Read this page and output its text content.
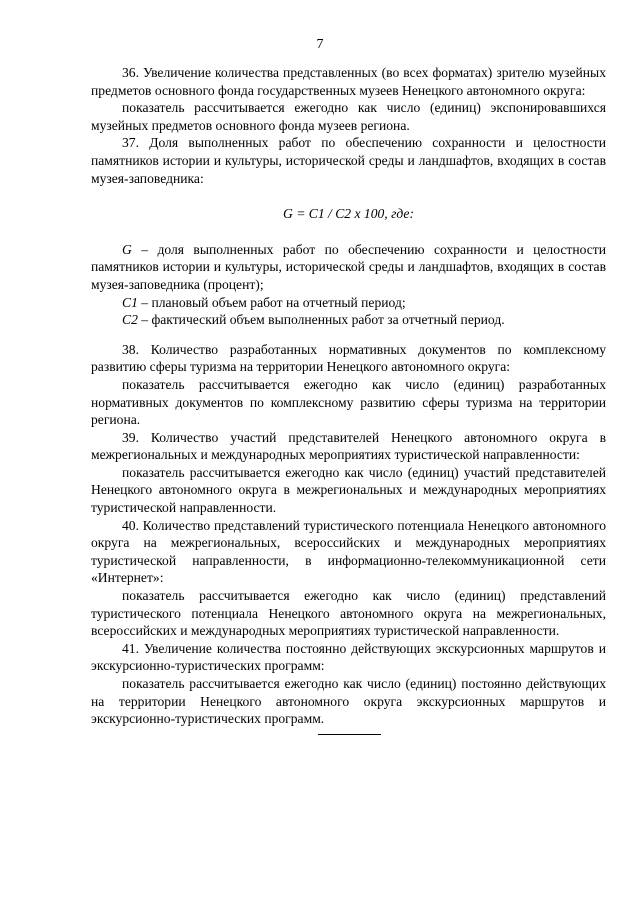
7

36. Увеличение количества представленных (во всех форматах) зрителю музейных предметов основного фонда государственных музеев Ненецкого автономного округа:

показатель рассчитывается ежегодно как число (единиц) экспонировавшихся музейных предметов основного фонда музеев региона.

37. Доля выполненных работ по обеспечению сохранности и целостности памятников истории и культуры, исторической среды и ландшафтов, входящих в состав музея-заповедника:

G = C1 / C2 x 100, где:

G – доля выполненных работ по обеспечению сохранности и целостности памятников истории и культуры, исторической среды и ландшафтов, входящих в состав музея-заповедника (процент);

C1 – плановый объем работ на отчетный период;

C2 – фактический объем выполненных работ за отчетный период.

38. Количество разработанных нормативных документов по комплексному развитию сферы туризма на территории Ненецкого автономного округа:

показатель рассчитывается ежегодно как число (единиц) разработанных нормативных документов по комплексному развитию сферы туризма на территории региона.

39. Количество участий представителей Ненецкого автономного округа в межрегиональных и международных мероприятиях туристической направленности:

показатель рассчитывается ежегодно как число (единиц) участий представителей Ненецкого автономного округа в межрегиональных и международных мероприятиях туристической направленности.

40. Количество представлений туристического потенциала Ненецкого автономного округа на межрегиональных, всероссийских и международных мероприятиях туристической направленности, в информационно-телекоммуникационной сети «Интернет»:

показатель рассчитывается ежегодно как число (единиц) представлений туристического потенциала Ненецкого автономного округа на межрегиональных, всероссийских и международных мероприятиях туристической направленности.

41. Увеличение количества постоянно действующих экскурсионных маршрутов и экскурсионно-туристических программ:

показатель рассчитывается ежегодно как число (единиц) постоянно действующих на территории Ненецкого автономного округа экскурсионных маршрутов и экскурсионно-туристических программ.
